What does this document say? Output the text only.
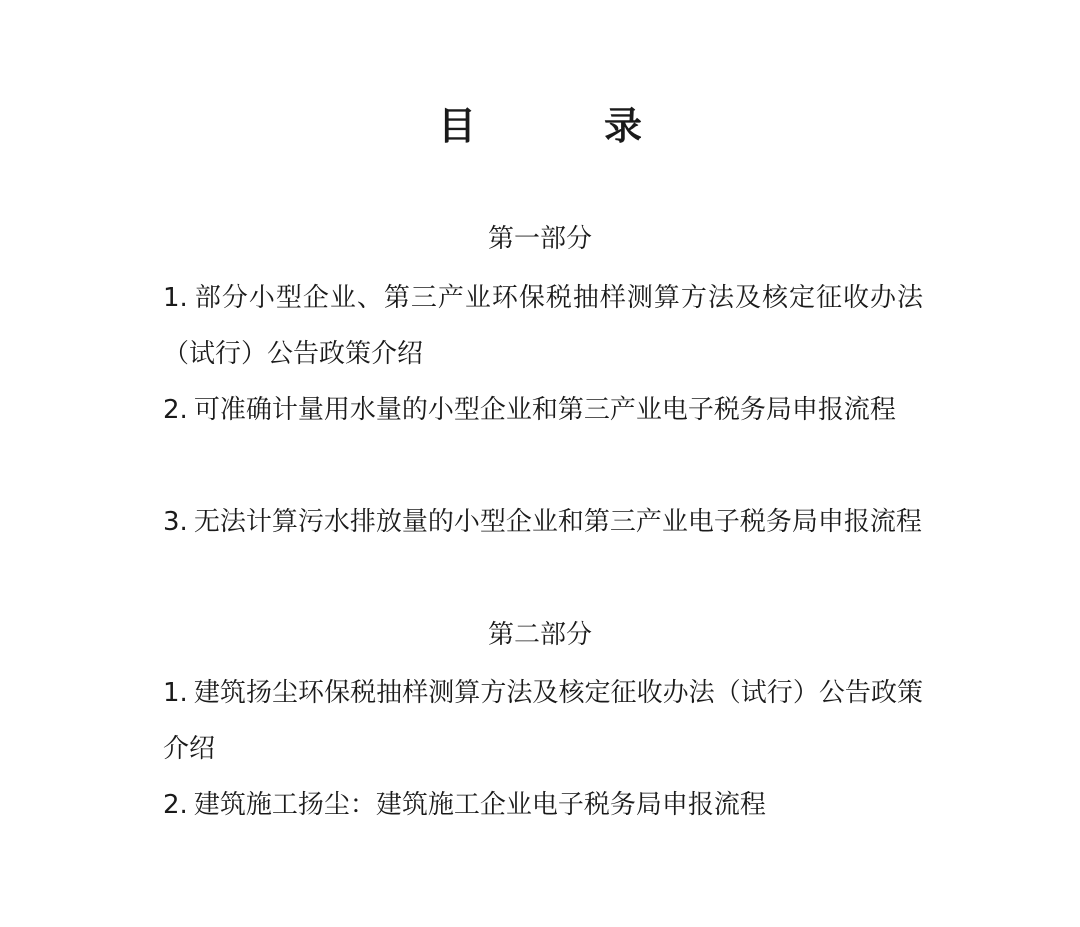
目	录
第一部分
1. 部分小型企业、第三产业环保税抽样测算方法及核定征收办法（试行）公告政策介绍
2. 可准确计量用水量的小型企业和第三产业电子税务局申报流程
3. 无法计算污水排放量的小型企业和第三产业电子税务局申报流程
第二部分
1. 建筑扬尘环保税抽样测算方法及核定征收办法（试行）公告政策介绍
2. 建筑施工扬尘：建筑施工企业电子税务局申报流程
